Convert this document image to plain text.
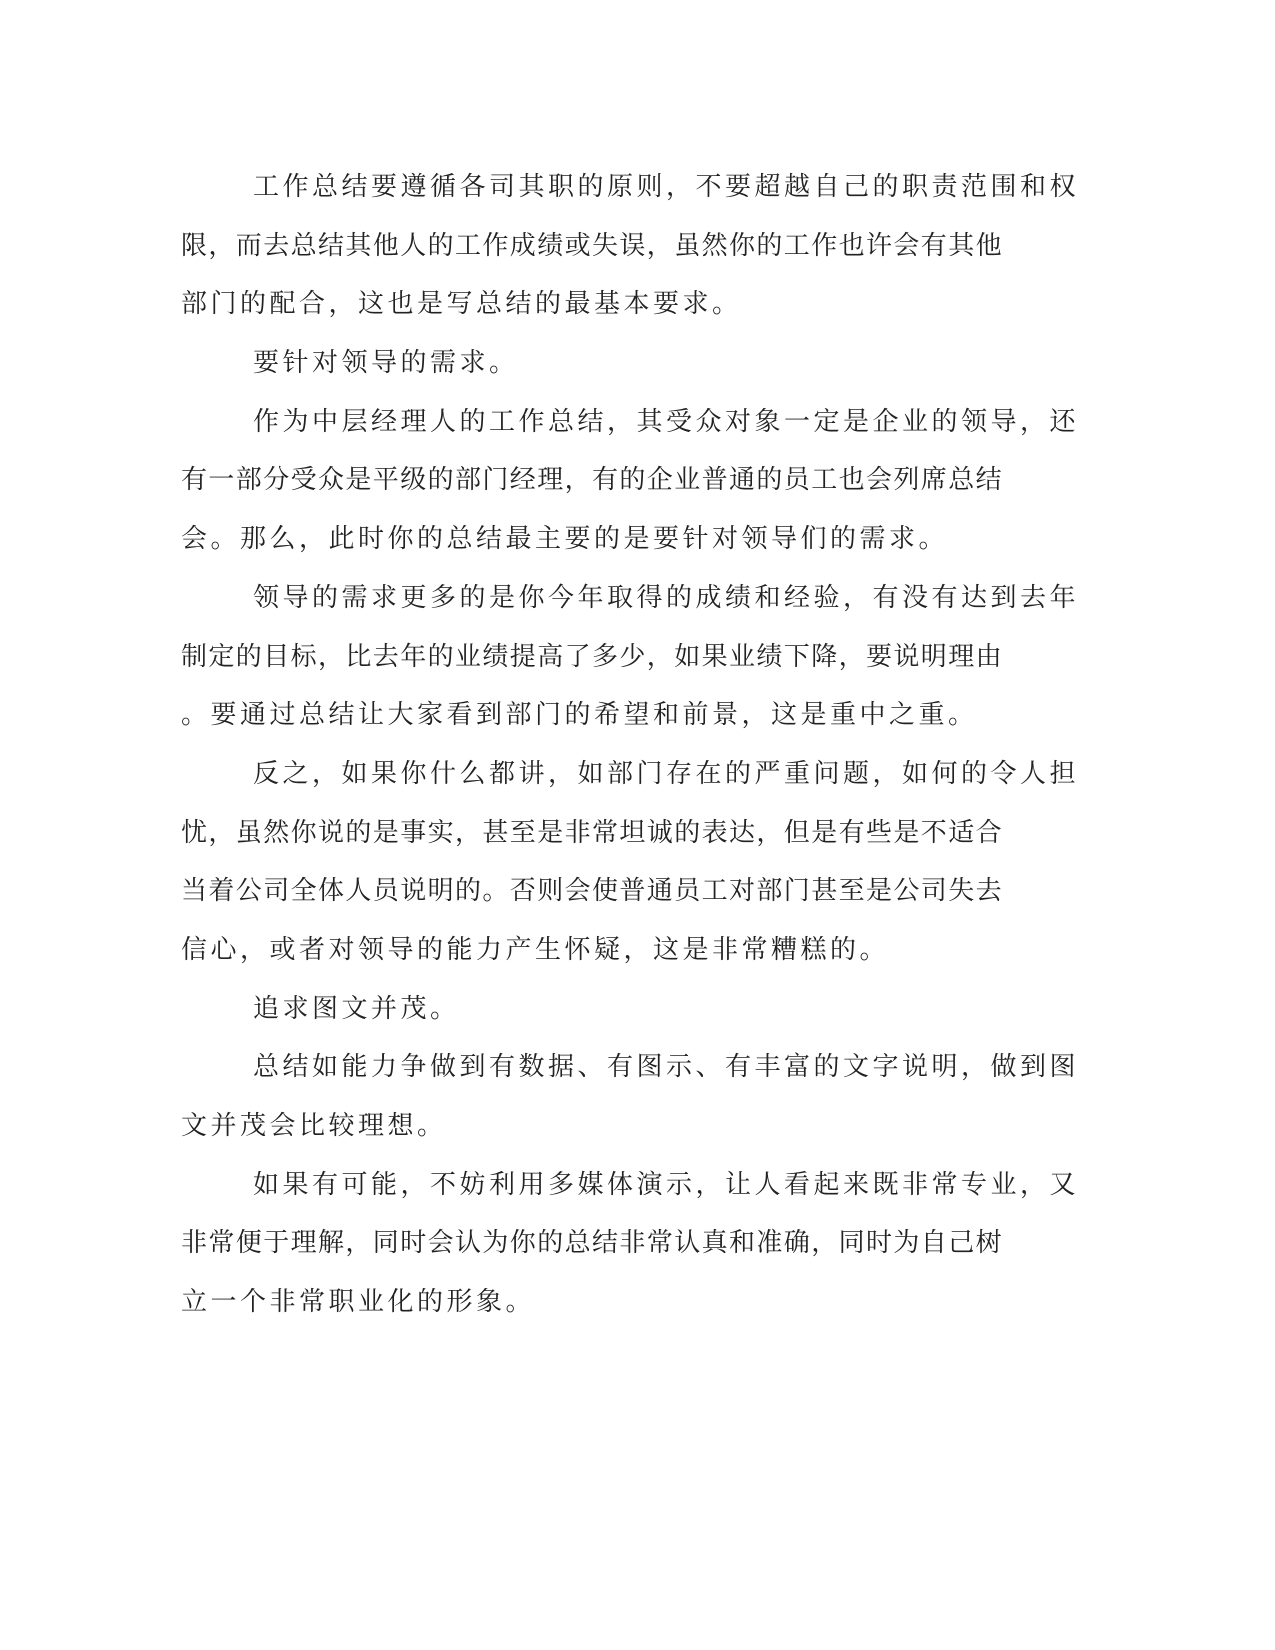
工作总结要遵循各司其职的原则，不要超越自己的职责范围和权
限，而去总结其他人的工作成绩或失误，虽然你的工作也许会有其他
部门的配合，这也是写总结的最基本要求。
要针对领导的需求。
作为中层经理人的工作总结，其受众对象一定是企业的领导，还
有一部分受众是平级的部门经理，有的企业普通的员工也会列席总结
会。那么，此时你的总结最主要的是要针对领导们的需求。
领导的需求更多的是你今年取得的成绩和经验，有没有达到去年
制定的目标，比去年的业绩提高了多少，如果业绩下降，要说明理由
。要通过总结让大家看到部门的希望和前景，这是重中之重。
反之，如果你什么都讲，如部门存在的严重问题，如何的令人担
忧，虽然你说的是事实，甚至是非常坦诚的表达，但是有些是不适合
当着公司全体人员说明的。否则会使普通员工对部门甚至是公司失去
信心，或者对领导的能力产生怀疑，这是非常糟糕的。
追求图文并茂。
总结如能力争做到有数据、有图示、有丰富的文字说明，做到图
文并茂会比较理想。
如果有可能，不妨利用多媒体演示，让人看起来既非常专业，又
非常便于理解，同时会认为你的总结非常认真和准确，同时为自己树
立一个非常职业化的形象。
